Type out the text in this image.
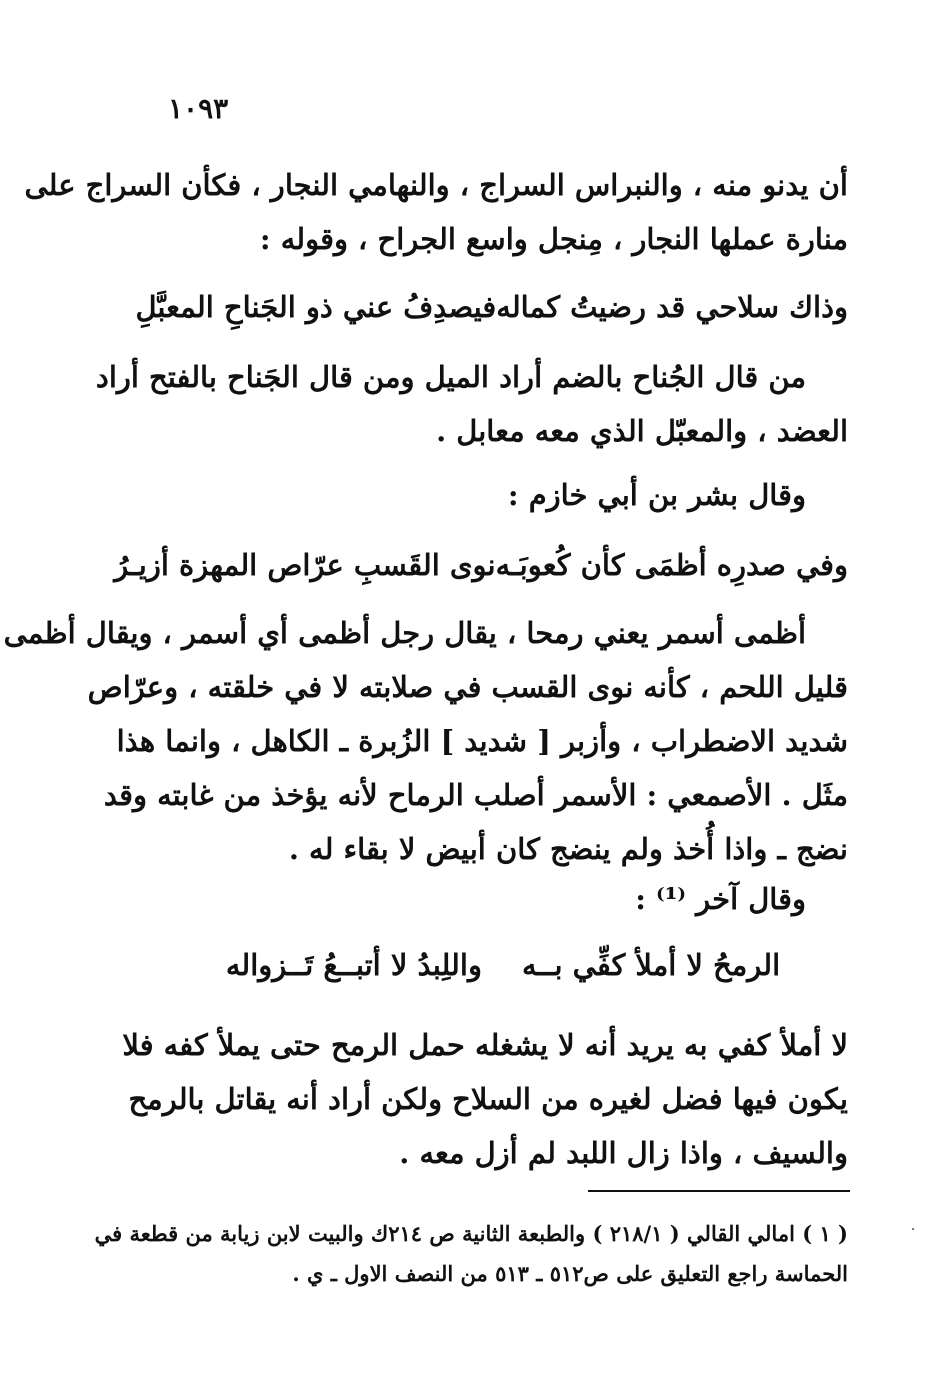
١٠٩٣
أن يدنو منه ، والنبراس السراج ، والنهامي النجار ، فكأن السراج على
منارة عملها النجار ، مِنجل واسع الجراح ، وقوله :
وذاك سلاحي قد رضيتُ كماله
فيصدِفُ عني ذو الجَناحِ المعبَّلِ
من قال الجُناح بالضم أراد الميل ومن قال الجَناح بالفتح أراد
العضد ، والمعبّل الذي معه معابل .
وقال بشر بن أبي خازم :
وفي صدرِه أظمَى كأن كُعوبَـه
نوى القَسبِ عرّاص المهزة أزيـرُ
أظمى أسمر يعني رمحا ، يقال رجل أظمى أي أسمر ، ويقال أظمى
قليل اللحم ، كأنه نوى القسب في صلابته لا في خلقته ، وعرّاص
شديد الاضطراب ، وأزبر [ شديد ] الزُبرة ـ الكاهل ، وانما هذا
مثَل . الأصمعي : الأسمر أصلب الرماح لأنه يؤخذ من غابته وقد
نضج ـ واذا أُخذ ولم ينضج كان أبيض لا بقاء له .
وقال آخر ⁽¹⁾ :
الرمحُ لا أملأ كفِّي بــه
واللِبدُ لا أتبــعُ تَــزواله
لا أملأ كفي به يريد أنه لا يشغله حمل الرمح حتى يملأ كفه فلا
يكون فيها فضل لغيره من السلاح ولكن أراد أنه يقاتل بالرمح
والسيف ، واذا زال اللبد لم أزل معه .
( ١ ) امالي القالي ( ٢١٨/١ ) والطبعة الثانية ص ٢١٤ك والبيت لابن زيابة من قطعة في
الحماسة راجع التعليق على ص٥١٢ ـ ٥١٣ من النصف الاول ـ ي .
